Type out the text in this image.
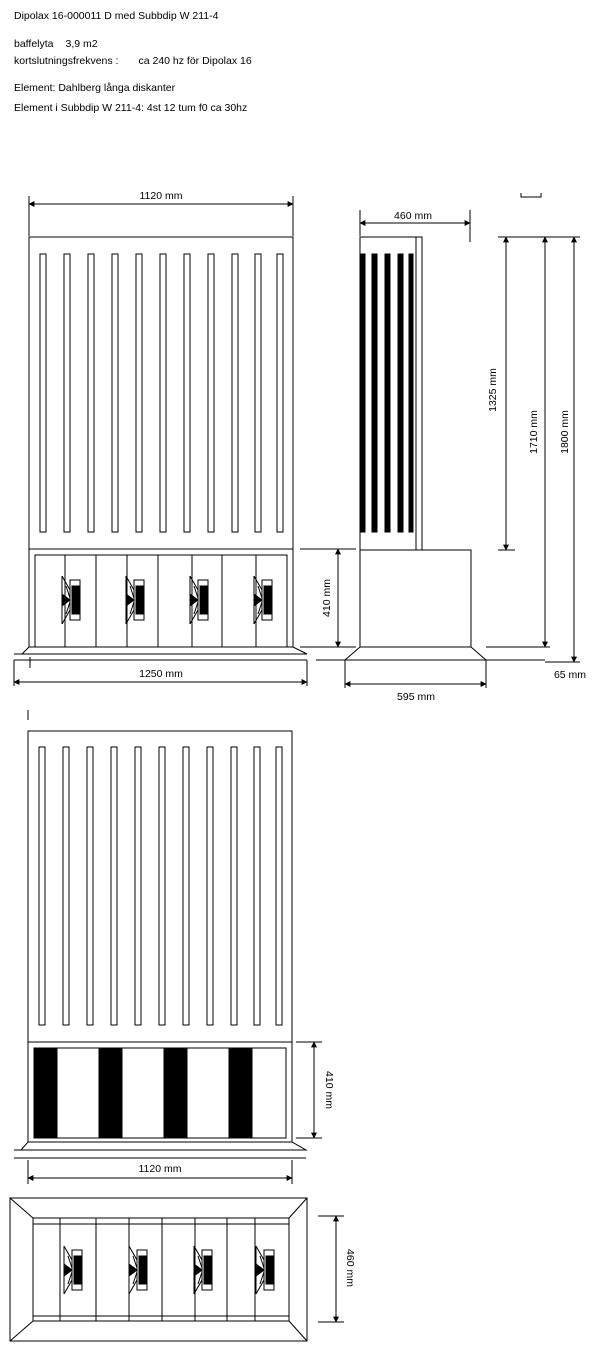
Dipolax 16-000011 D med Subbdip W 211-4
baffelyta 3,9 m2
kortslutningsfrekvens : ca 240 hz för Dipolax 16
Element: Dahlberg långa diskanter
Element i Subbdip W 211-4: 4st 12 tum f0 ca 30hz
1120 mm
1250 mm
410 mm
460 mm
1325 mm
1710 mm 1800 mm
595 mm
65 mm
410 mm
1120 mm
460 mm
